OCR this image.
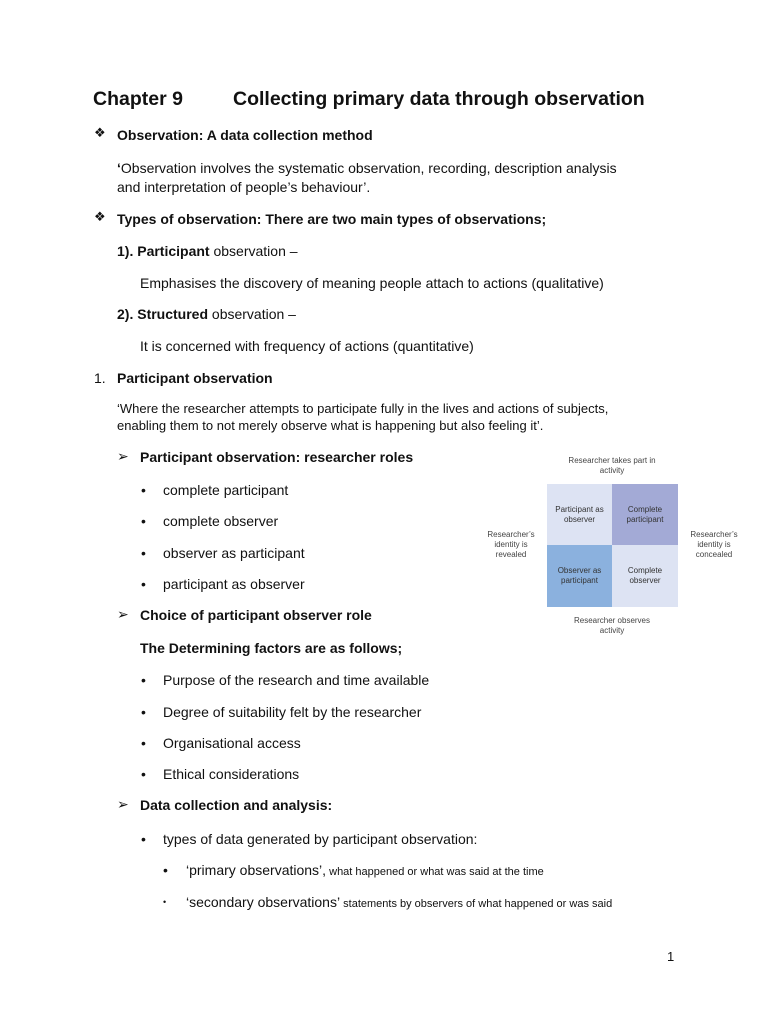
Chapter 9	Collecting primary data through observation
❖ Observation: A data collection method
‘Observation involves the systematic observation, recording, description analysis
and interpretation of people’s behaviour’.
❖ Types of observation: There are two main types of observations;
1). Participant observation –
Emphasises the discovery of meaning people attach to actions (qualitative)
2). Structured observation –
It is concerned with frequency of actions (quantitative)
1. Participant observation
‘Where the researcher attempts to participate fully in the lives and actions of subjects,
enabling them to not merely observe what is happening but also feeling it’.
➢ Participant observation: researcher roles
• complete participant
• complete observer
• observer as participant
• participant as observer
➢ Choice of participant observer role
The Determining factors are as follows;
• Purpose of the research and time available
• Degree of suitability felt by the researcher
• Organisational access
• Ethical considerations
➢ Data collection and analysis:
• types of data generated by participant observation:
• ‘primary observations’, what happened or what was said at the time
• ‘secondary observations’ statements by observers of what happened or was said
Researcher takes part in activity
Participant as observer
Complete participant
Observer as participant
Complete observer
Researcher’s identity is revealed
Researcher’s identity is concealed
Researcher observes activity
1
